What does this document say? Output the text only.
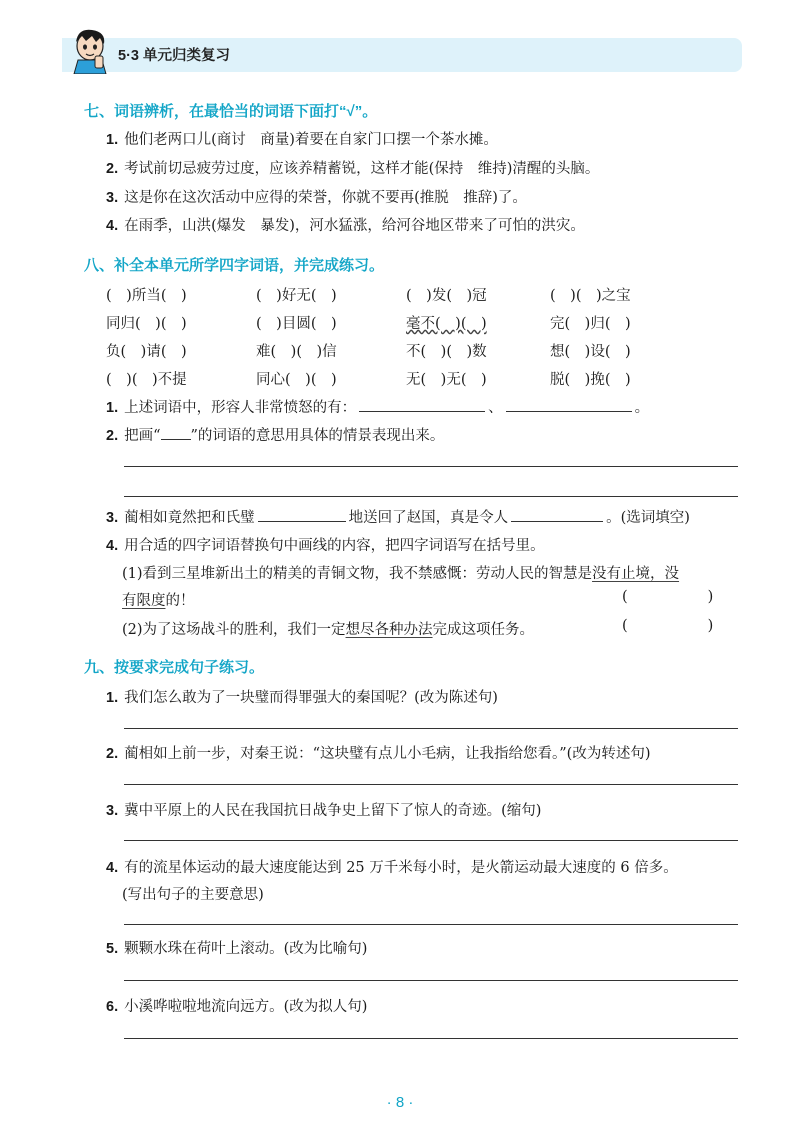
5·3 单元归类复习
七、词语辨析，在最恰当的词语下面打“√”。
1. 他们老两口儿(商讨　商量)着要在自家门口摆一个茶水摊。
2. 考试前切忌疲劳过度，应该养精蓄锐，这样才能(保持　维持)清醒的头脑。
3. 这是你在这次活动中应得的荣誉，你就不要再(推脱　推辞)了。
4. 在雨季，山洪(爆发　暴发)，河水猛涨，给河谷地区带来了可怕的洪灾。
八、补全本单元所学四字词语，并完成练习。
(　)所当(　)	(　)好无(　)	(　)发(　)冠	(　)(　)之宝
同归(　)(　)	(　)目圆(　)	毫不(　)(　)	完(　)归(　)
负(　)请(　)	难(　)(　)信	不(　)(　)数	想(　)设(　)
(　)(　)不提	同心(　)(　)	无(　)无(　)	脱(　)挽(　)
1. 上述词语中，形容人非常愤怒的有：	、	。
2. 把画“ ”的词语的意思用具体的情景表现出来。
3. 蔺相如竟然把和氏璧	地送回了赵国，真是令人	。(选词填空)
4. 用合适的四字词语替换句中画线的内容，把四字词语写在括号里。
(1)看到三星堆新出土的精美的青铜文物，我不禁感慨：劳动人民的智慧是没有止境，没
有限度的！	(	)
(2)为了这场战斗的胜利，我们一定想尽各种办法完成这项任务。	(	)
九、按要求完成句子练习。
1. 我们怎么敢为了一块璧而得罪强大的秦国呢？(改为陈述句)
2. 蔺相如上前一步，对秦王说：“这块璧有点儿小毛病，让我指给您看。”(改为转述句)
3. 冀中平原上的人民在我国抗日战争史上留下了惊人的奇迹。(缩句)
4. 有的流星体运动的最大速度能达到 25 万千米每小时，是火箭运动最大速度的 6 倍多。
(写出句子的主要意思)
5. 颗颗水珠在荷叶上滚动。(改为比喻句)
6. 小溪哗啦啦地流向远方。(改为拟人句)
· 8 ·
